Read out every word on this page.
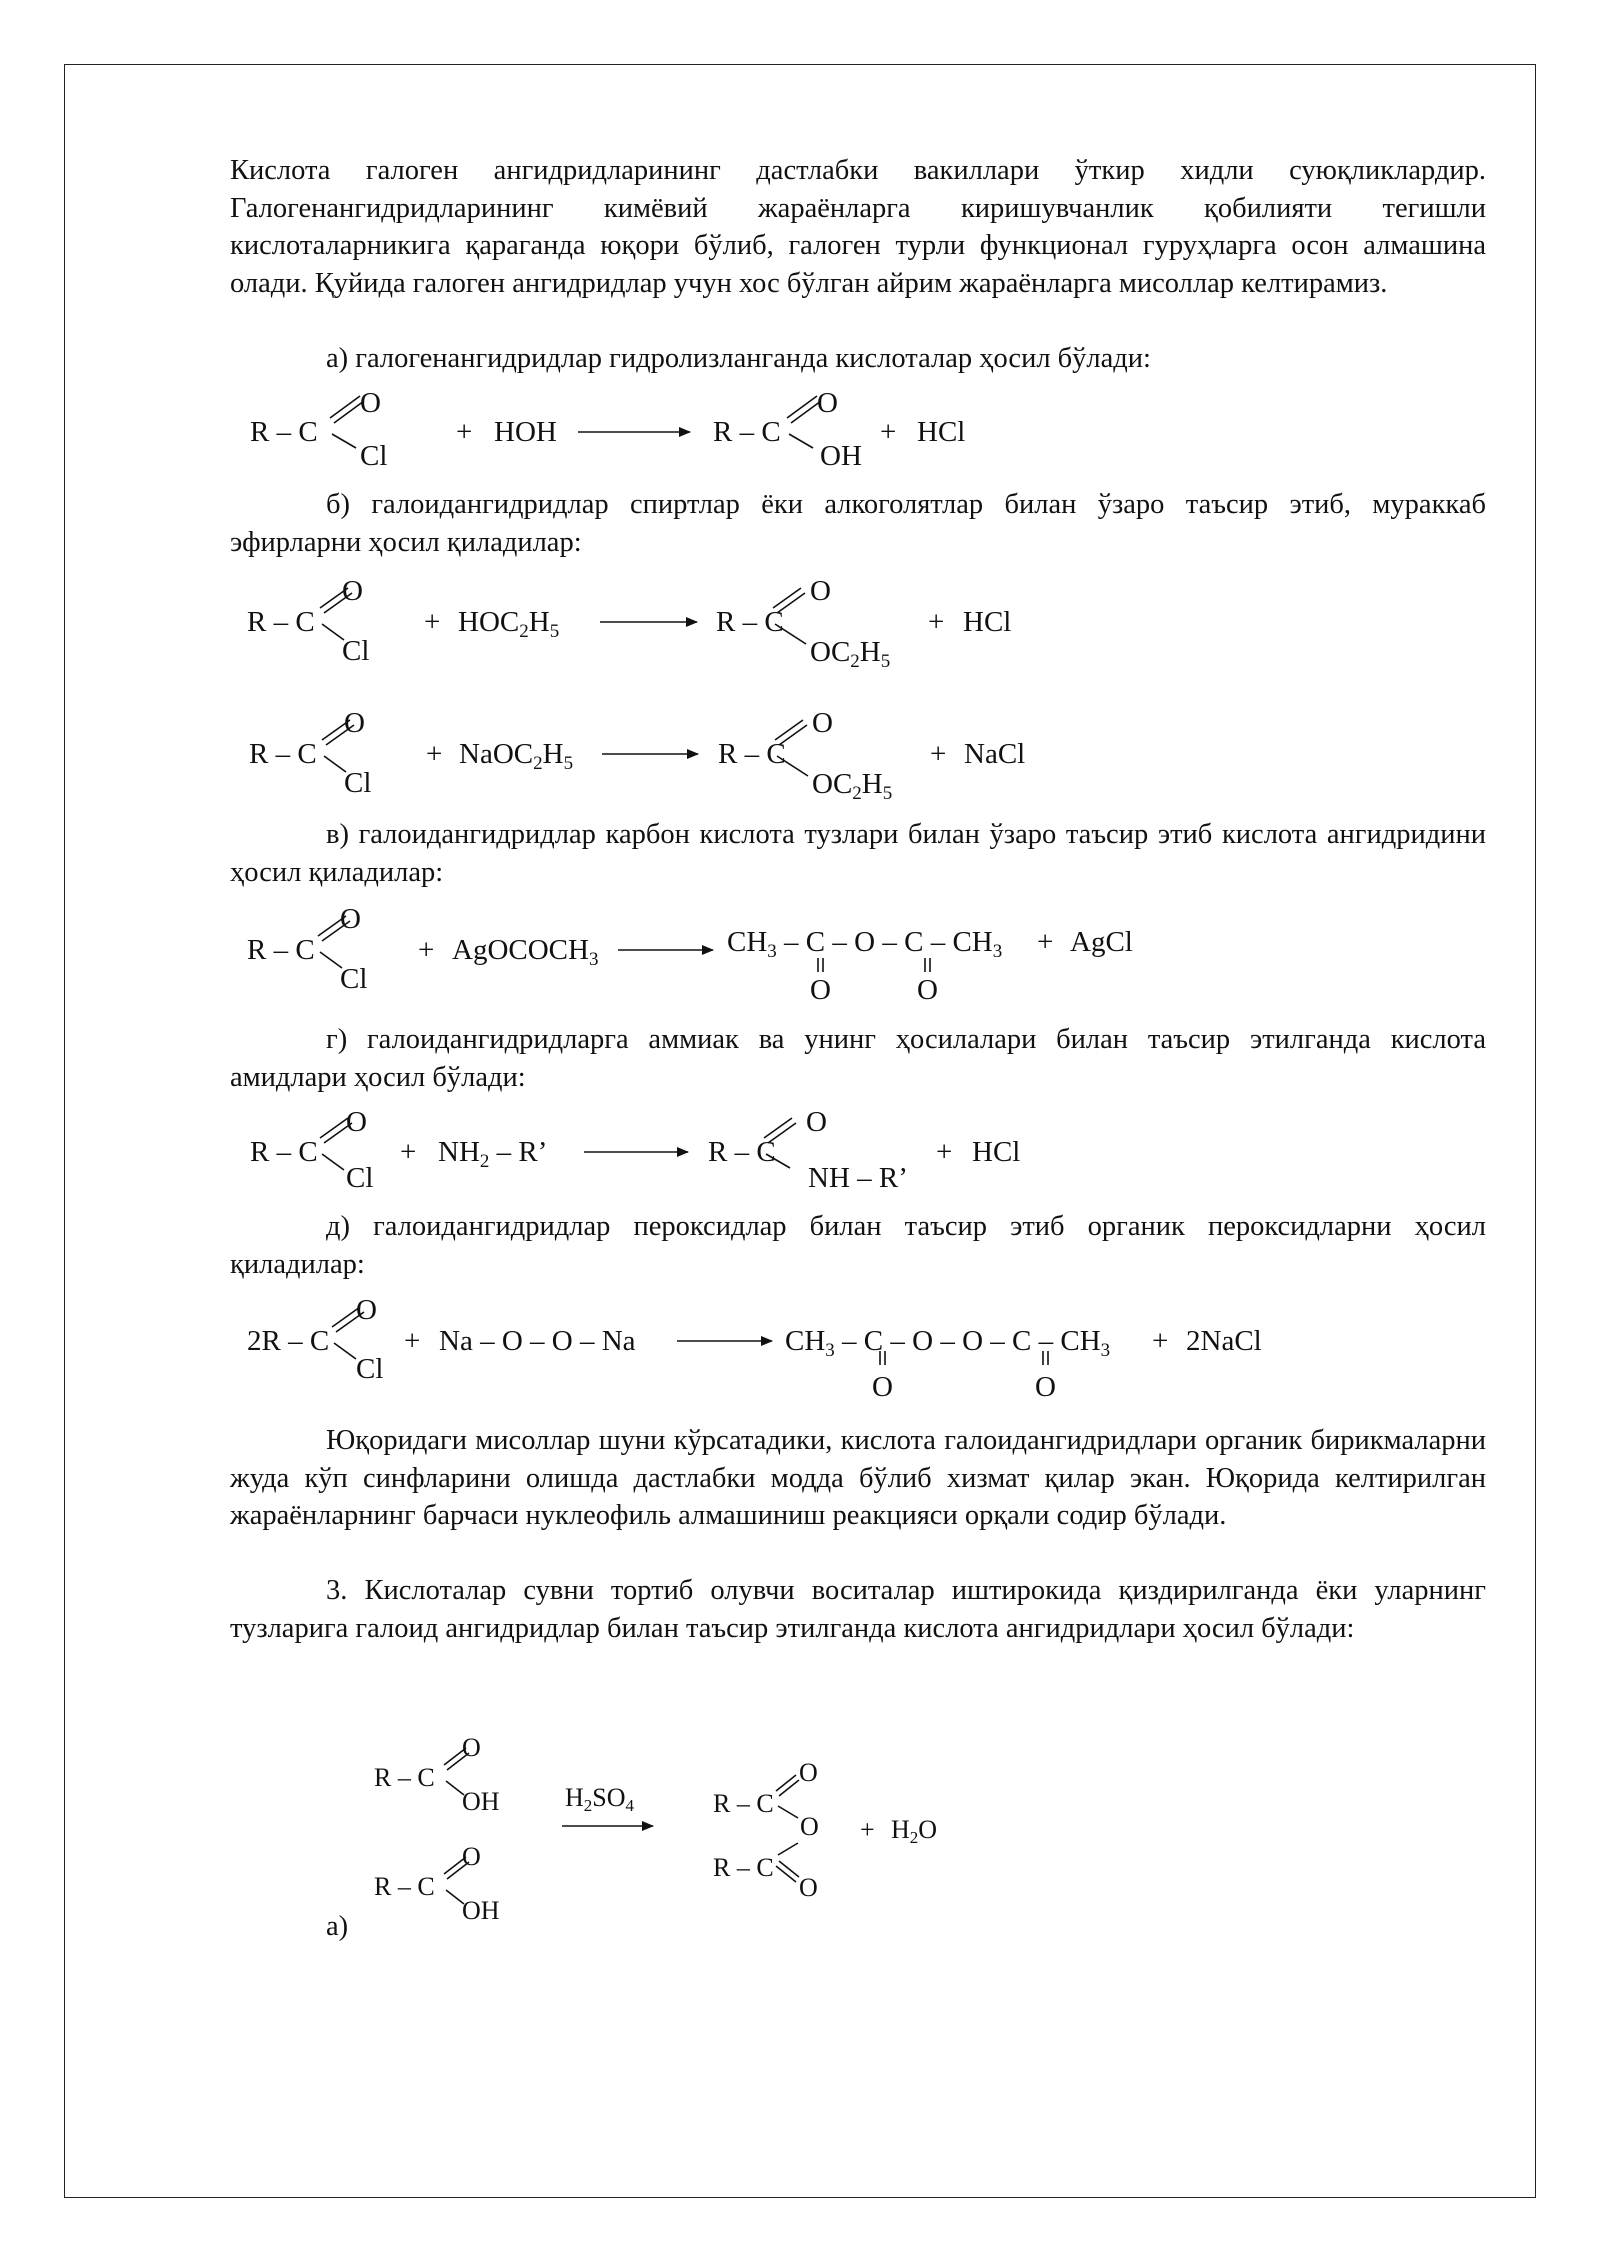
Кислота галоген ангидридларининг дастлабки вакиллари ўткир хидли суюқликлардир. Галогенангидридларининг кимёвий жараёнларга киришувчанлик қобилияти тегишли кислоталарникига қараганда юқори бўлиб, галоген турли функционал гуруҳларга осон алмашина олади. Қуйида галоген ангидридлар учун хос бўлган айрим жараёнларга мисоллар келтирамиз.

а) галогенангидридлар гидролизланганда кислоталар ҳосил бўлади:

б) галоидангидридлар спиртлар ёки алкоголятлар билан ўзаро таъсир этиб, мураккаб эфирларни ҳосил қиладилар:

в) галоидангидридлар карбон кислота тузлари билан ўзаро таъсир этиб кислота ангидридини ҳосил қиладилар:

г) галоидангидридларга аммиак ва унинг ҳосилалари билан таъсир этилганда кислота амидлари ҳосил бўлади:

д) галоидангидридлар пероксидлар билан таъсир этиб органик пероксидларни ҳосил қиладилар:

Юқоридаги мисоллар шуни кўрсатадики, кислота галоидангидридлари органик бирикмаларни жуда кўп синфларини олишда дастлабки модда бўлиб хизмат қилар экан. Юқорида келтирилган жараёнларнинг барчаси нуклеофиль алмашиниш реакцияси орқали содир бўлади.

3. Кислоталар сувни тортиб олувчи воситалар иштирокида қиздирилганда ёки уларнинг тузларига галоид ангидридлар билан таъсир этилганда кислота ангидридлари ҳосил бўлади:

R – C
O
Cl
+ HOH	R – C
O
OH
+ HCl
R – C
O
Cl
+ $HOC_2H_5$	R – C
O
$OC_2H_5$
+ HCl
R – C
O
Cl
+ $NaOC_2H_5$	R – C
O
$OC_2H_5$
+ NaCl
R – C
O
Cl
+ AgOCOCH$_3$
$CH_3$ – C – O – C – $CH_3$
O	O
+ AgCl
R – C
O
Cl
+ $NH_2$ – R’	R – C
O
NH – R’
+ HCl
2R – C
O
Cl
+ Na – O – O – Na	$CH_3$ – C – O – O – C – $CH_3$
O	O
+ 2NaCl
R – C
O
OH
R – C
O
OH
$H_2SO_4$	R – C
O
O
R – C
O
+ $H_2O$
а)
